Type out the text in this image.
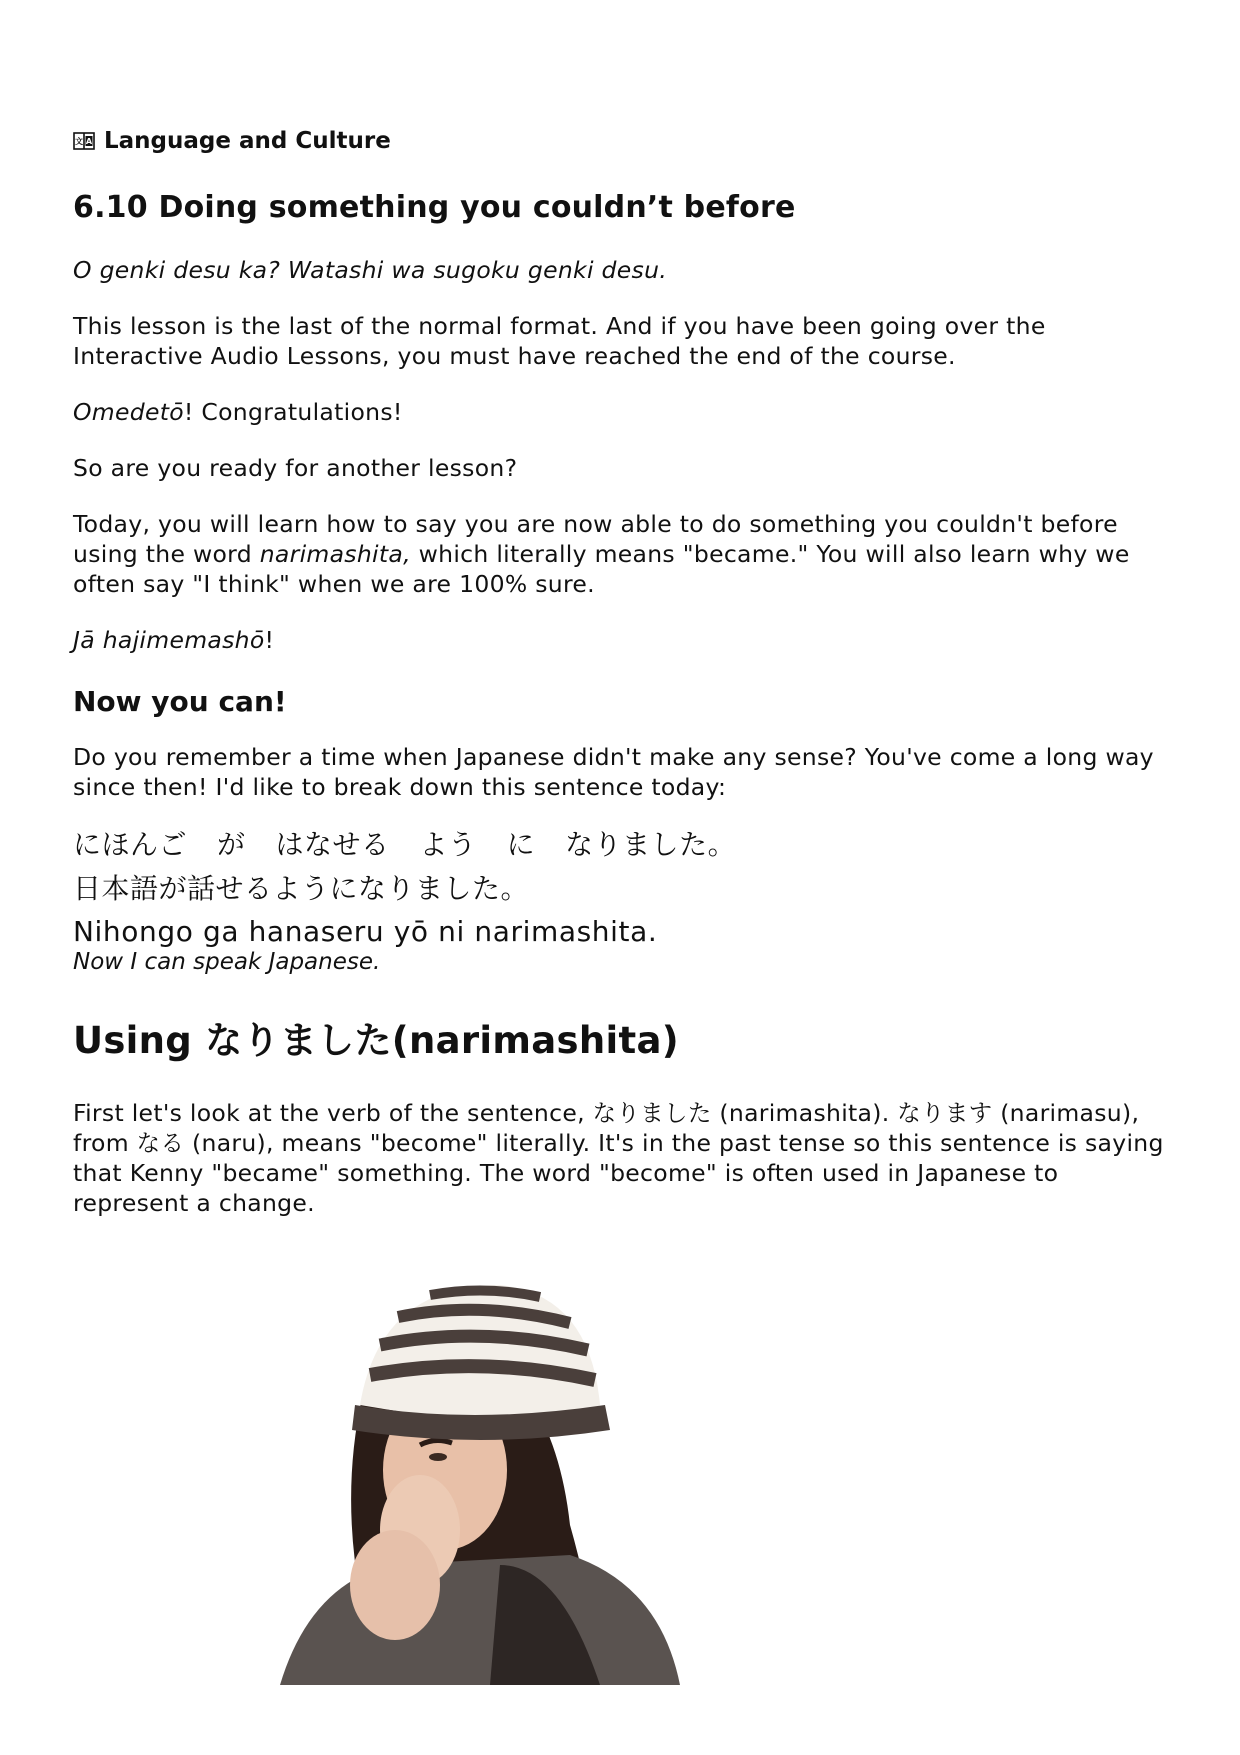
A
文 Language and Culture
6.10 Doing something you couldn’t before

O genki desu ka? Watashi wa sugoku genki desu.

This lesson is the last of the normal format. And if you have been going over the Interactive Audio Lessons, you must have reached the end of the course.

Omedetō! Congratulations!

So are you ready for another lesson?

Today, you will learn how to say you are now able to do something you couldn't before using the word narimashita, which literally means "became." You will also learn why we often say "I think" when we are 100% sure.

Jā hajimemashō!

Now you can!

Do you remember a time when Japanese didn't make any sense? You've come a long way since then! I'd like to break down this sentence today:

にほんご が はなせる よう に なりました。
日本語が話せるようになりました。
Nihongo ga hanaseru yō ni narimashita.
Now I can speak Japanese.
Using なりました(narimashita)

First let's look at the verb of the sentence, なりました (narimashita). なります (narimasu), from なる (naru), means "become" literally. It's in the past tense so this sentence is saying that Kenny "became" something. The word "become" is often used in Japanese to represent a change.
